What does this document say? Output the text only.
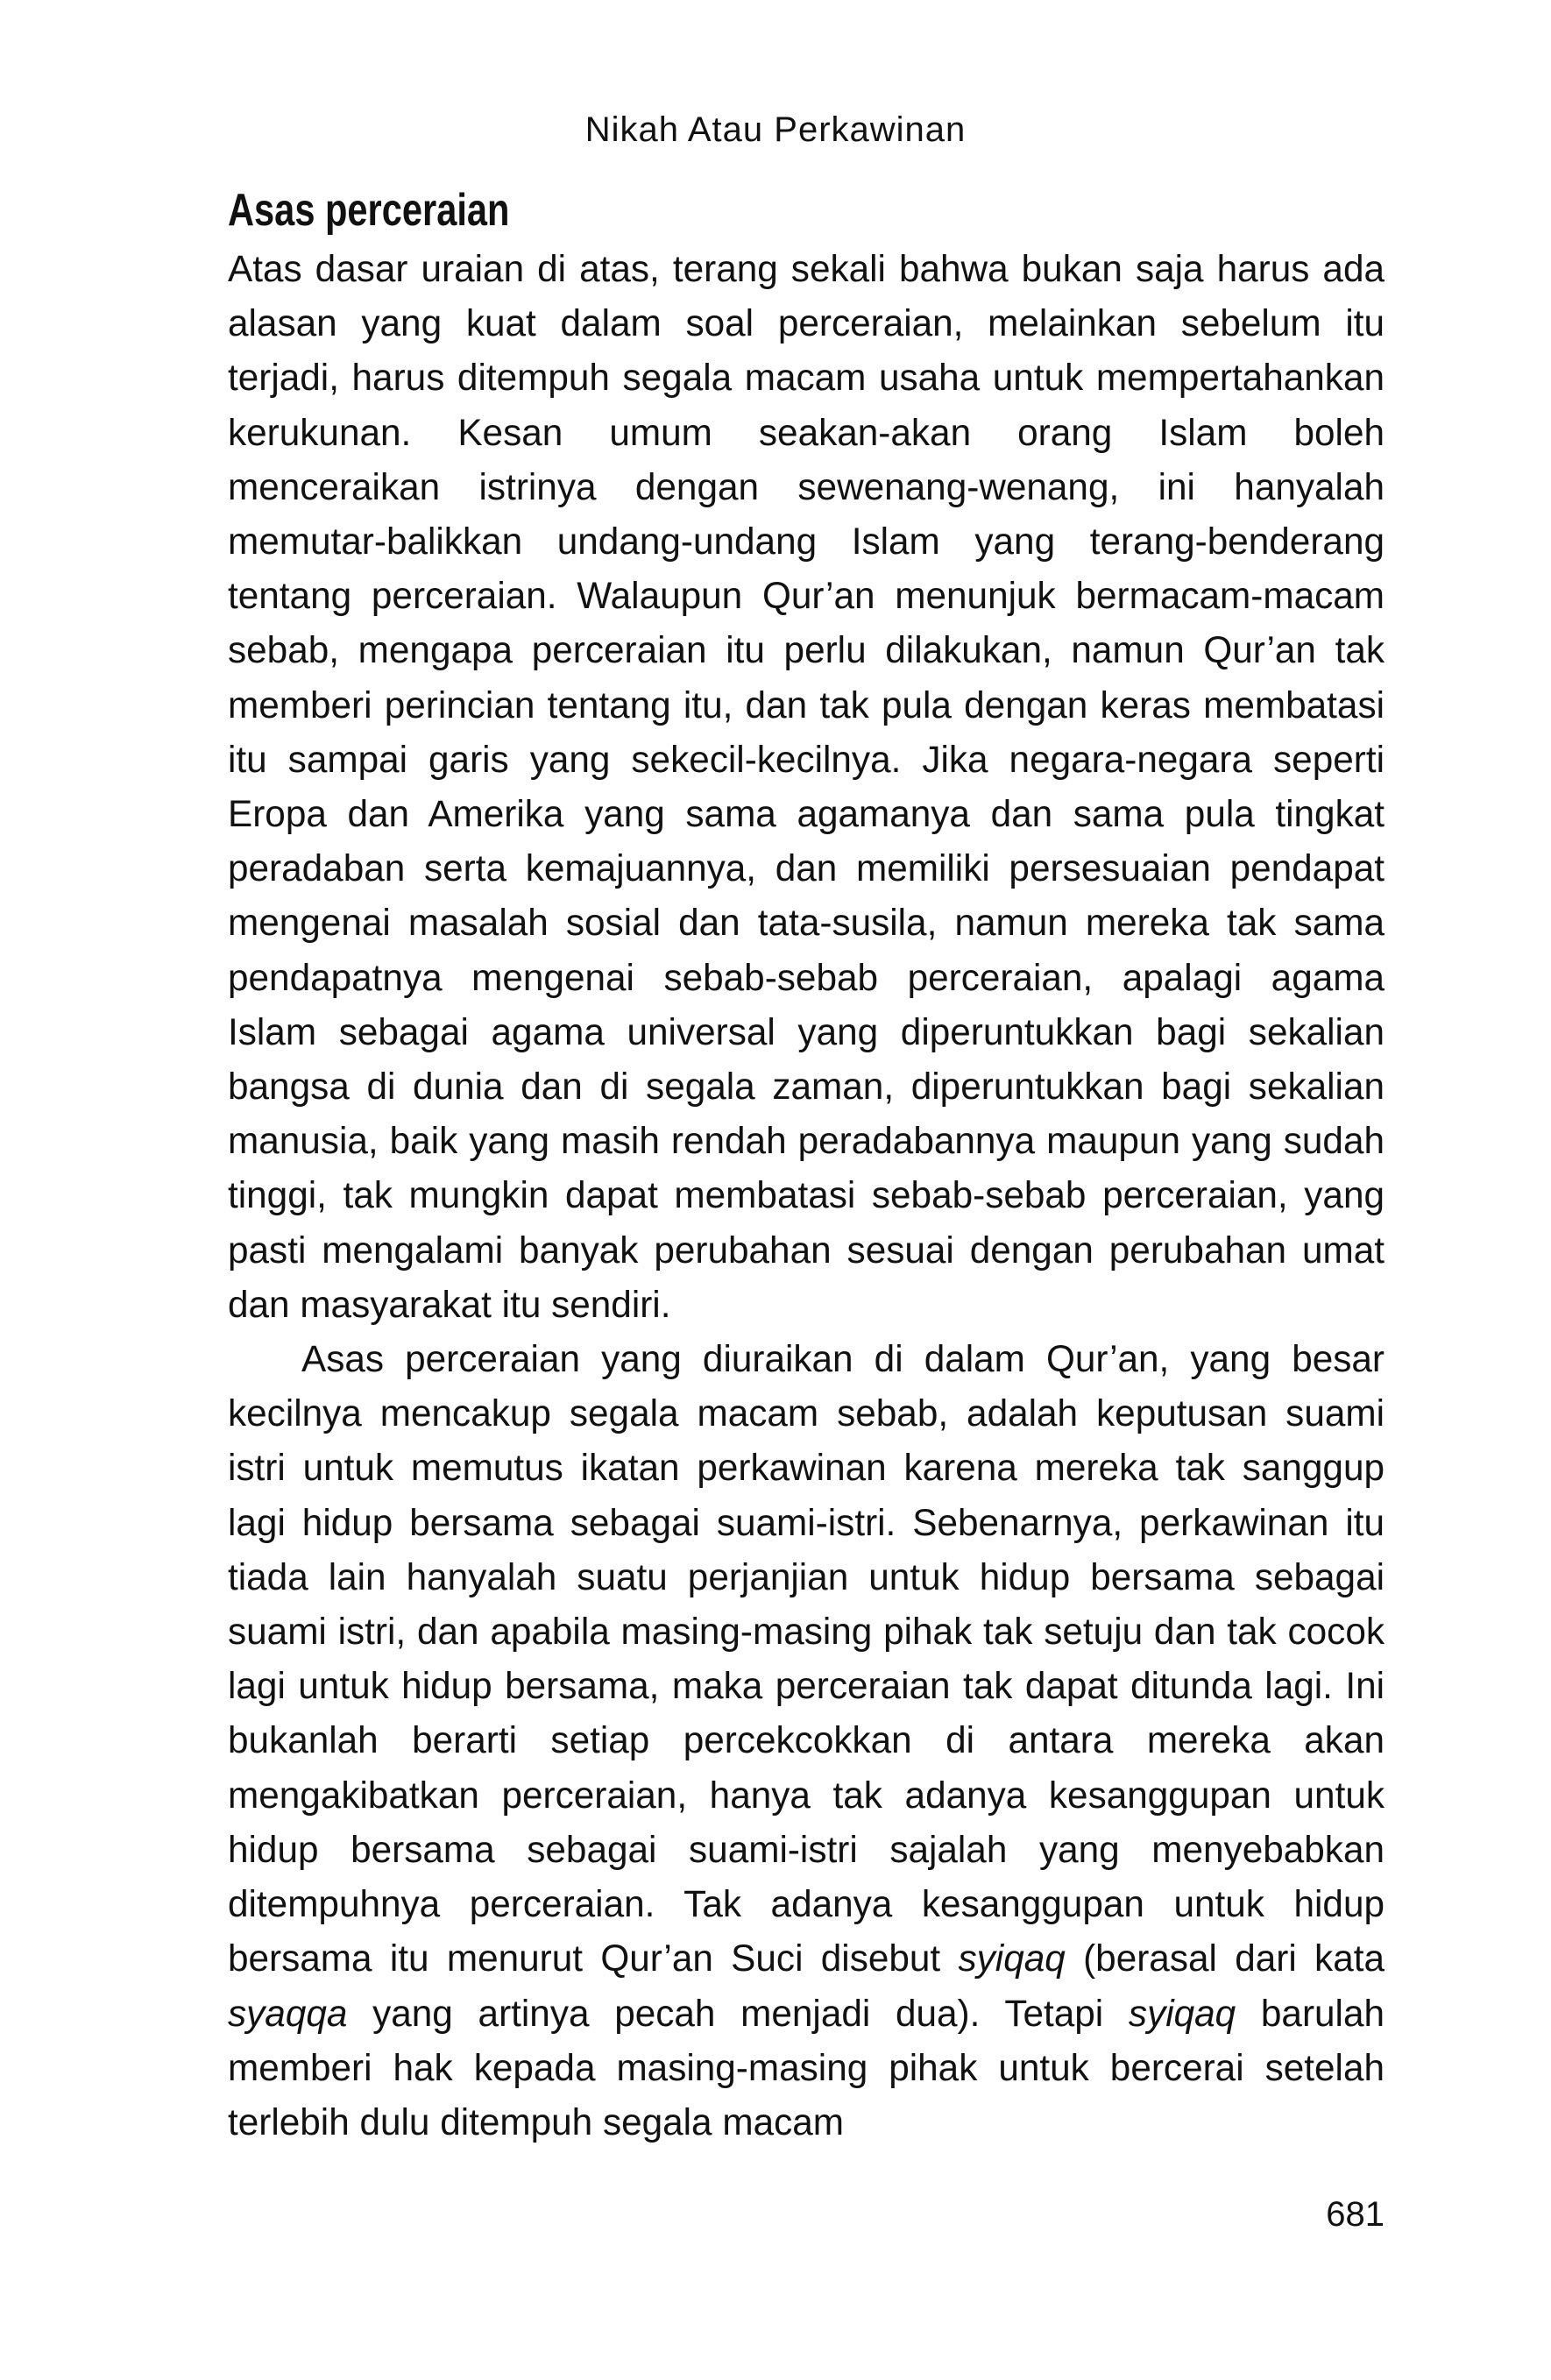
Nikah Atau Perkawinan
Asas perceraian

Atas dasar uraian di atas, terang sekali bahwa bukan saja harus ada alasan yang kuat dalam soal perceraian, melainkan sebelum itu terjadi, harus ditempuh segala macam usaha untuk mempertahankan kerukunan. Kesan umum seakan-akan orang Islam boleh menceraikan istrinya dengan sewenang-wenang, ini hanyalah memutar-balikkan undang-undang Islam yang terang-benderang tentang perceraian. Walaupun Qur’an menunjuk bermacam-macam sebab, mengapa perceraian itu perlu dilakukan, namun Qur’an tak memberi perincian tentang itu, dan tak pula dengan keras membatasi itu sampai garis yang sekecil-kecilnya. Jika negara-negara seperti Eropa dan Amerika yang sama agamanya dan sama pula tingkat peradaban serta kemajuannya, dan memiliki persesuaian pendapat mengenai masalah sosial dan tata-susila, namun mereka tak sama pendapatnya mengenai sebab-sebab perceraian, apalagi agama Islam sebagai agama universal yang diperuntukkan bagi sekalian bangsa di dunia dan di segala zaman, diperuntukkan bagi sekalian manusia, baik yang masih rendah peradabannya maupun yang sudah tinggi, tak mungkin dapat membatasi sebab-sebab perceraian, yang pasti mengalami banyak perubahan sesuai dengan perubahan umat dan masyarakat itu sendiri.

Asas perceraian yang diuraikan di dalam Qur’an, yang besar kecilnya mencakup segala macam sebab, adalah keputusan suami istri untuk memutus ikatan perkawinan karena mereka tak sanggup lagi hidup bersama sebagai suami-istri. Sebenarnya, perkawinan itu tiada lain hanyalah suatu perjanjian untuk hidup bersama sebagai suami istri, dan apabila masing-masing pihak tak setuju dan tak cocok lagi untuk hidup bersama, maka perceraian tak dapat ditunda lagi. Ini bukanlah berarti setiap percekcokkan di antara mereka akan mengakibatkan perceraian, hanya tak adanya kesanggupan untuk hidup bersama sebagai suami-istri sajalah yang menyebabkan ditempuhnya perceraian. Tak adanya kesanggupan untuk hidup bersama itu menurut Qur’an Suci disebut syiqaq (berasal dari kata syaqqa yang artinya pecah menjadi dua). Tetapi syiqaq barulah memberi hak kepada masing-masing pihak untuk bercerai setelah terlebih dulu ditempuh segala macam

681
